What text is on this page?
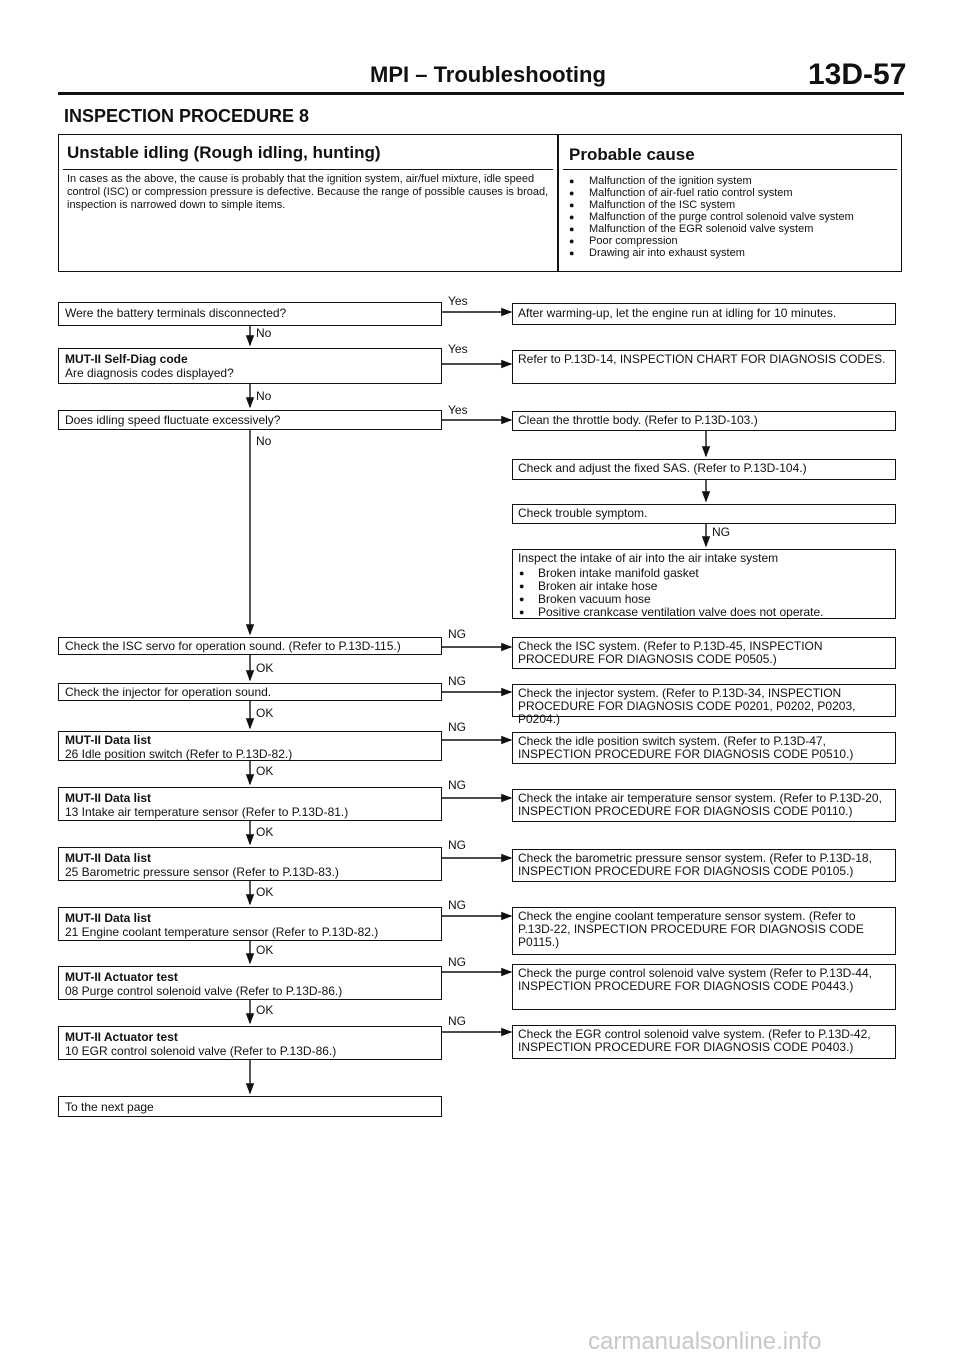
MPI – Troubleshooting	13D-57
INSPECTION PROCEDURE 8
Unstable idling (Rough idling, hunting)

In cases as the above, the cause is probably that the ignition system, air/fuel mixture, idle speed control (ISC) or compression pressure is defective. Because the range of possible causes is broad, inspection is narrowed down to simple items.

Probable cause
● Malfunction of the ignition system
● Malfunction of air-fuel ratio control system
● Malfunction of the ISC system
● Malfunction of the purge control solenoid valve system
● Malfunction of the EGR solenoid valve system
● Poor compression
● Drawing air into exhaust system
Were the battery terminals disconnected?
Yes
No
MUT-II Self-Diag code
Are diagnosis codes displayed?
Yes
No
Does idling speed fluctuate excessively?
Yes
No
After warming-up, let the engine run at idling for 10 minutes.
Refer to P.13D-14, INSPECTION CHART FOR DIAGNOSIS CODES.
Clean the throttle body. (Refer to P.13D-103.)
Check and adjust the fixed SAS. (Refer to P.13D-104.)
Check trouble symptom.
NG
Inspect the intake of air into the air intake system
● Broken intake manifold gasket
● Broken air intake hose
● Broken vacuum hose
● Positive crankcase ventilation valve does not operate.
Check the ISC servo for operation sound. (Refer to P.13D-115.)
NG
OK
Check the ISC system. (Refer to P.13D-45, INSPECTION PROCEDURE FOR DIAGNOSIS CODE P0505.)
Check the injector for operation sound.
NG
OK
Check the injector system. (Refer to P.13D-34, INSPECTION PROCEDURE FOR DIAGNOSIS CODE P0201, P0202, P0203, P0204.)
MUT-II Data list
26 Idle position switch (Refer to P.13D-82.)
NG
OK
Check the idle position switch system. (Refer to P.13D-47, INSPECTION PROCEDURE FOR DIAGNOSIS CODE P0510.)
MUT-II Data list
13 Intake air temperature sensor (Refer to P.13D-81.)
NG
OK
Check the intake air temperature sensor system. (Refer to P.13D-20, INSPECTION PROCEDURE FOR DIAGNOSIS CODE P0110.)
MUT-II Data list
25 Barometric pressure sensor (Refer to P.13D-83.)
NG
OK
Check the barometric pressure sensor system. (Refer to P.13D-18, INSPECTION PROCEDURE FOR DIAGNOSIS CODE P0105.)
MUT-II Data list
21 Engine coolant temperature sensor (Refer to P.13D-82.)
NG
OK
Check the engine coolant temperature sensor system. (Refer to P.13D-22, INSPECTION PROCEDURE FOR DIAGNOSIS CODE P0115.)
MUT-II Actuator test
08 Purge control solenoid valve (Refer to P.13D-86.)
NG
OK
Check the purge control solenoid valve system (Refer to P.13D-44, INSPECTION PROCEDURE FOR DIAGNOSIS CODE P0443.)
MUT-II Actuator test
10 EGR control solenoid valve (Refer to P.13D-86.)
NG
Check the EGR control solenoid valve system. (Refer to P.13D-42, INSPECTION PROCEDURE FOR DIAGNOSIS CODE P0403.)
To the next page
carmanualsonline.info
